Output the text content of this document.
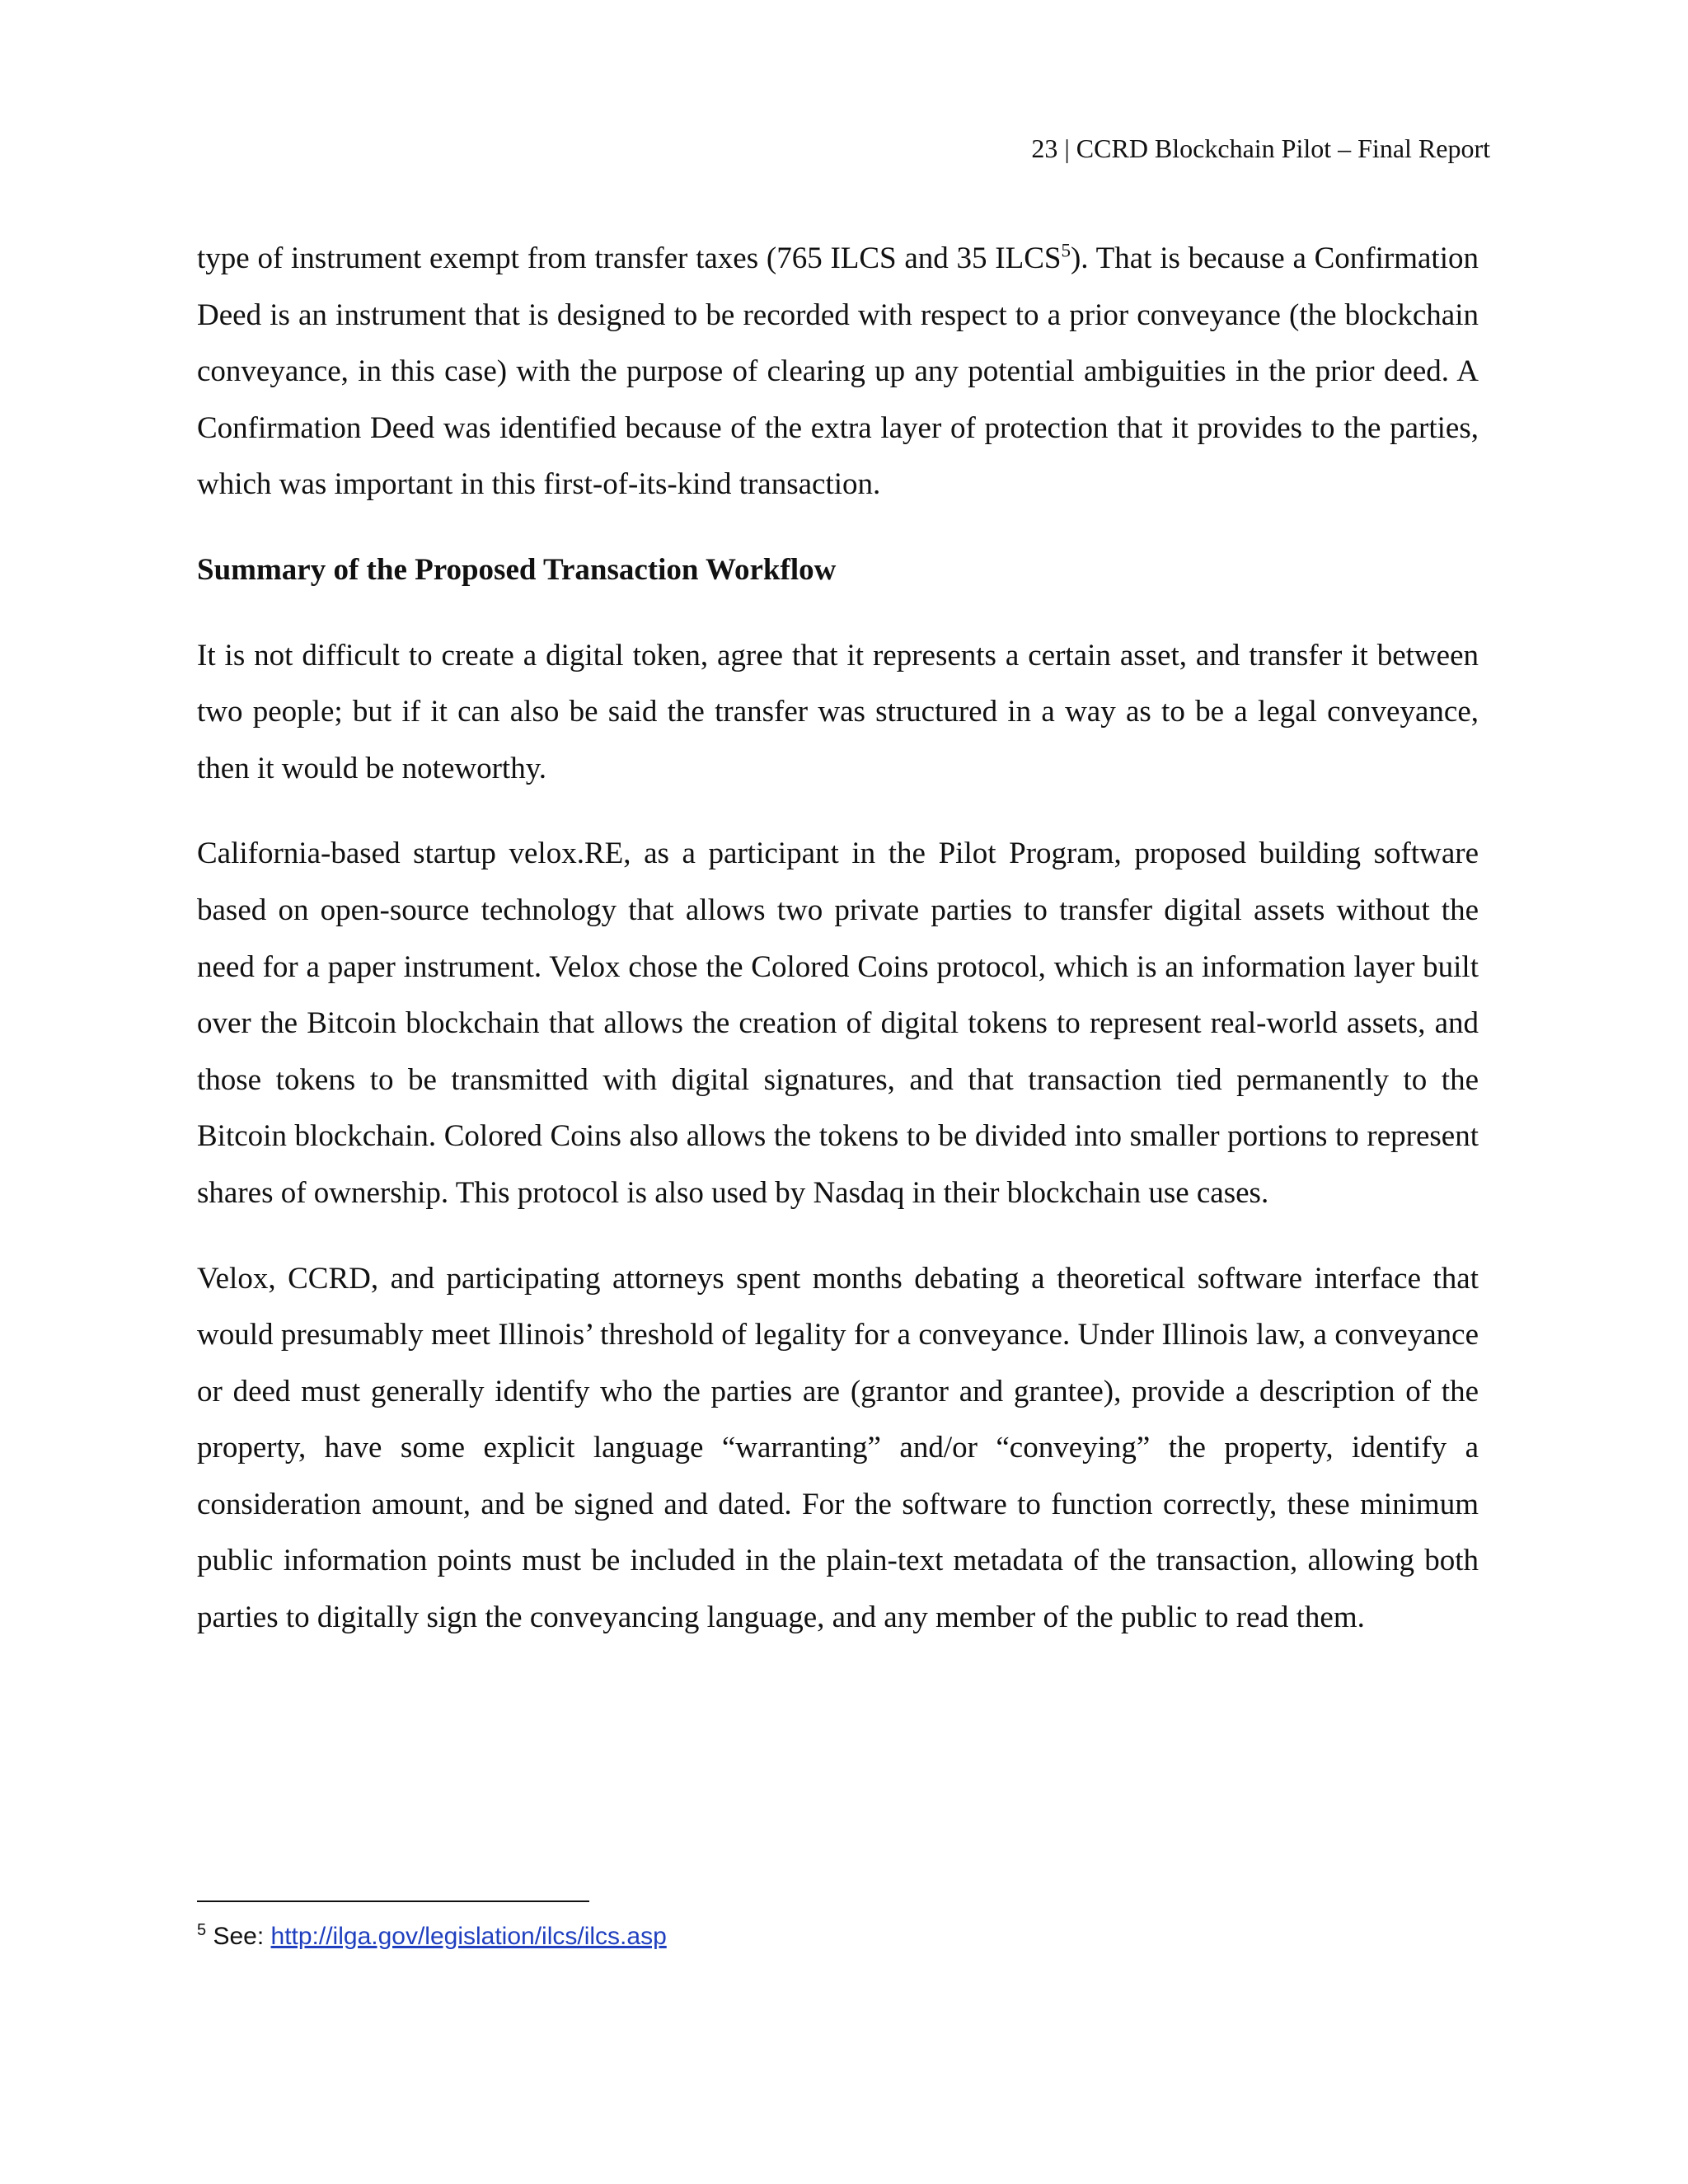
23 | CCRD Blockchain Pilot – Final Report

type of instrument exempt from transfer taxes (765 ILCS and 35 ILCS$^5$). That is because a Confirmation Deed is an instrument that is designed to be recorded with respect to a prior conveyance (the blockchain conveyance, in this case) with the purpose of clearing up any potential ambiguities in the prior deed. A Confirmation Deed was identified because of the extra layer of protection that it provides to the parties, which was important in this first-of-its-kind transaction.

Summary of the Proposed Transaction Workflow

It is not difficult to create a digital token, agree that it represents a certain asset, and transfer it between two people; but if it can also be said the transfer was structured in a way as to be a legal conveyance, then it would be noteworthy.

California-based startup velox.RE, as a participant in the Pilot Program, proposed building software based on open-source technology that allows two private parties to transfer digital assets without the need for a paper instrument. Velox chose the Colored Coins protocol, which is an information layer built over the Bitcoin blockchain that allows the creation of digital tokens to represent real-world assets, and those tokens to be transmitted with digital signatures, and that transaction tied permanently to the Bitcoin blockchain. Colored Coins also allows the tokens to be divided into smaller portions to represent shares of ownership. This protocol is also used by Nasdaq in their blockchain use cases.

Velox, CCRD, and participating attorneys spent months debating a theoretical software interface that would presumably meet Illinois’ threshold of legality for a conveyance. Under Illinois law, a conveyance or deed must generally identify who the parties are (grantor and grantee), provide a description of the property, have some explicit language “warranting” and/or “conveying” the property, identify a consideration amount, and be signed and dated. For the software to function correctly, these minimum public information points must be included in the plain-text metadata of the transaction, allowing both parties to digitally sign the conveyancing language, and any member of the public to read them.

$^5$ See: http://ilga.gov/legislation/ilcs/ilcs.asp
